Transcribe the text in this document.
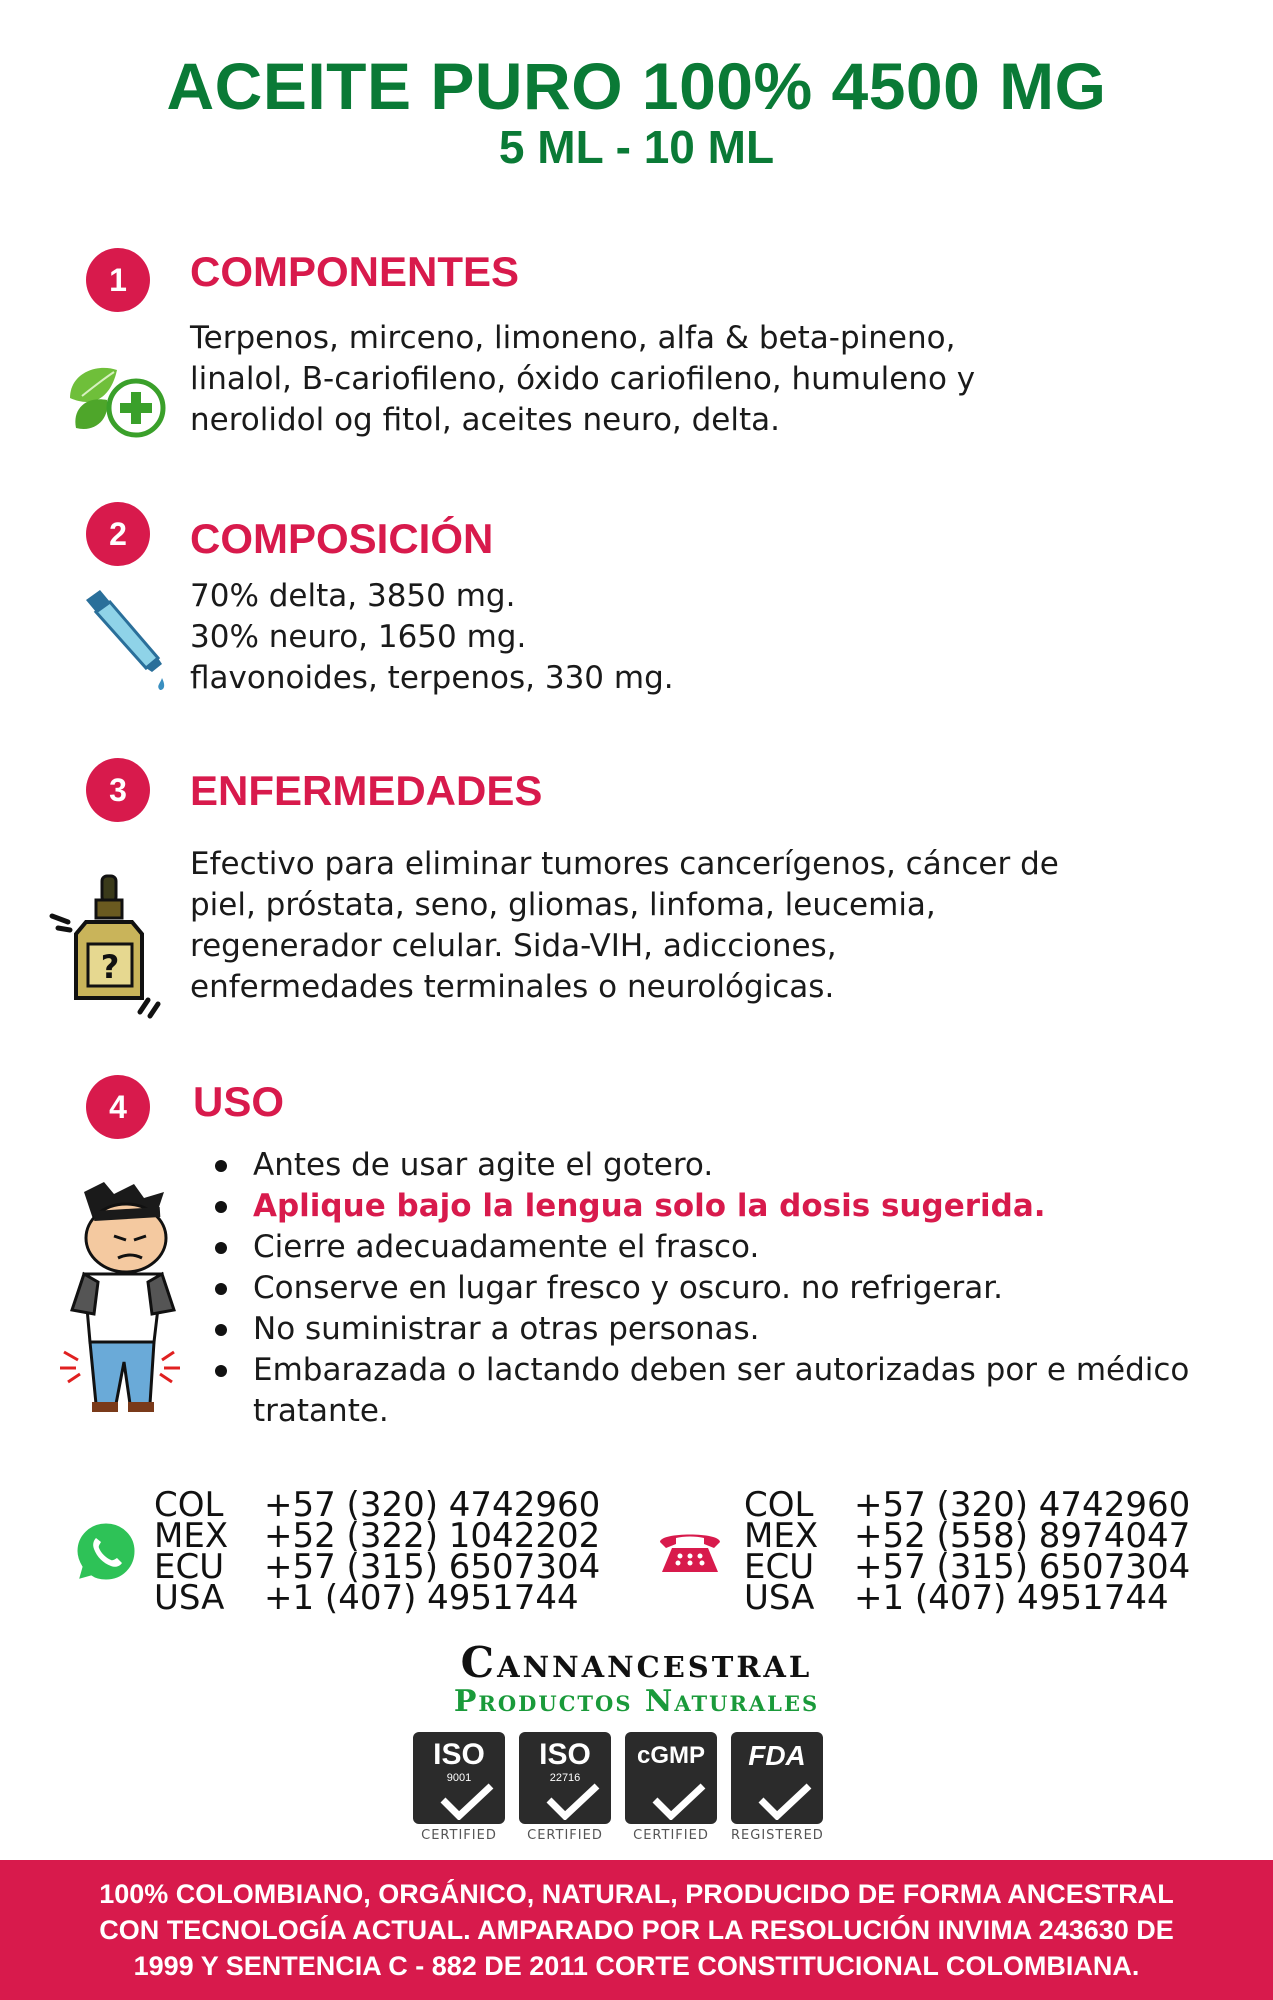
ACEITE PURO 100% 4500 MG
5 ML - 10 ML
1	COMPONENTES

Terpenos, mirceno, limoneno, alfa & beta-pineno,

linalol, B-cariofileno, óxido cariofileno, humuleno y

nerolidol og fitol, aceites neuro, delta.

2	COMPOSICIÓN

70% delta, 3850 mg.

30% neuro, 1650 mg.

flavonoides, terpenos, 330 mg.

3	ENFERMEDADES
?

Efectivo para eliminar tumores cancerígenos, cáncer de

piel, próstata, seno, gliomas, linfoma, leucemia,

regenerador celular. Sida-VIH, adicciones,

enfermedades terminales o neurológicas.

4	USO
Antes de usar agite el gotero.
Aplique bajo la lengua solo la dosis sugerida.
Cierre adecuadamente el frasco.
Conserve en lugar fresco y oscuro. no refrigerar.
No suministrar a otras personas.
Embarazada o lactando deben ser autorizadas por e médico tratante.
COL	+57 (320) 4742960
MEX	+52 (322) 1042202
ECU	+57 (315) 6507304
USA	+1 (407) 4951744
COL	+57 (320) 4742960
MEX	+52 (558) 8974047
ECU	+57 (315) 6507304
USA	+1 (407) 4951744
Cannancestral
Productos Naturales
ISO
9001
CERTIFIED
ISO
22716
CERTIFIED
cGMP
CERTIFIED
FDA
REGISTERED

100% COLOMBIANO, ORGÁNICO, NATURAL, PRODUCIDO DE FORMA ANCESTRAL

CON TECNOLOGÍA ACTUAL. AMPARADO POR LA RESOLUCIÓN INVIMA 243630 DE

1999 Y SENTENCIA C - 882 DE 2011 CORTE CONSTITUCIONAL COLOMBIANA.
